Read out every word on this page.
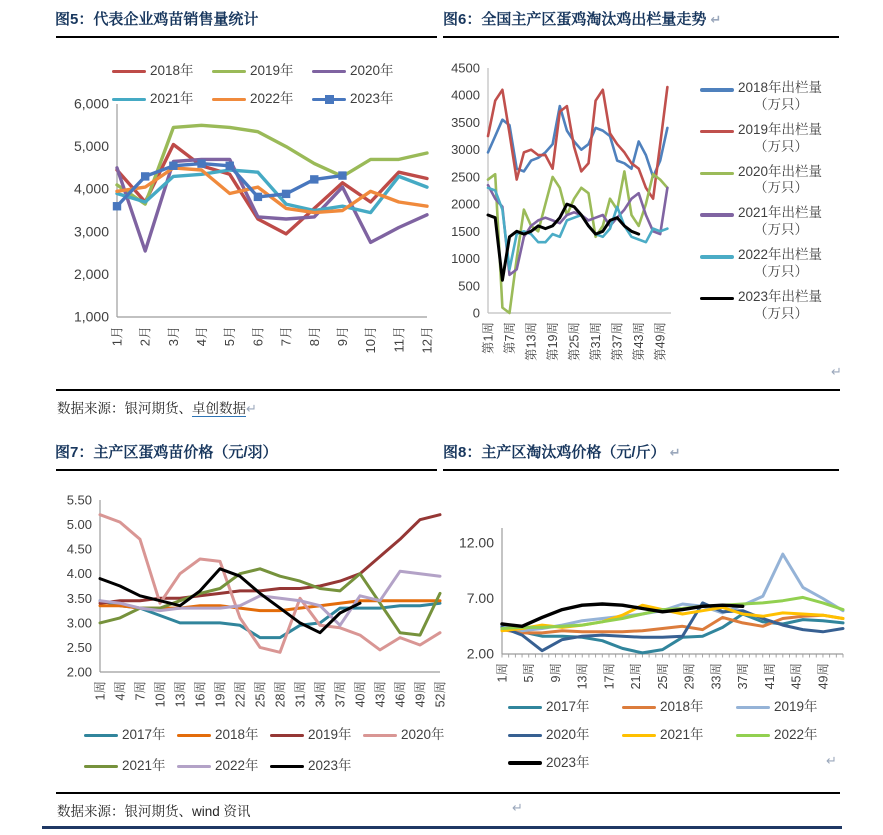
图5：代表企业鸡苗销售量统计	图6：全国主产区蛋鸡淘汰鸡出栏量走势 ↵
1,000
2,000
3,000
4,000
5,000
6,000
1月 2月 3月 4月 5月 6月 7月 8月 9月 10月 11月 12月
2018年	2019年	2020年
2021年	2022年	2023年
0
500
1000
1500
2000
2500
3000
3500
4000
4500
第1周 第7周 第13周 第19周 第25周 第31周 第37周 第43周 第49周
2018年出栏量
（万只）
2019年出栏量
（万只）
2020年出栏量
（万只）
2021年出栏量
（万只）
2022年出栏量
（万只）
2023年出栏量
（万只）
↵
数据来源：银河期货、卓创数据↵
图7：主产区蛋鸡苗价格（元/羽）	图8：主产区淘汰鸡价格（元/斤） ↵
2.00
2.50
3.00
3.50
4.00
4.50
5.00
5.50
1周 4周 7周 10周 13周 16周 19周 22周 25周 28周 31周 34周 37周 40周 43周 46周 49周 52周
2017年	2018年	2019年	2020年
2021年	2022年	2023年
2.00
7.00
12.00
1周 5周 9周 13周 17周 21周 25周 29周 33周 37周 41周 45周 49周
2017年	2018年	2019年
2020年	2021年	2022年
2023年	↵
数据来源：银河期货、wind 资讯	↵
